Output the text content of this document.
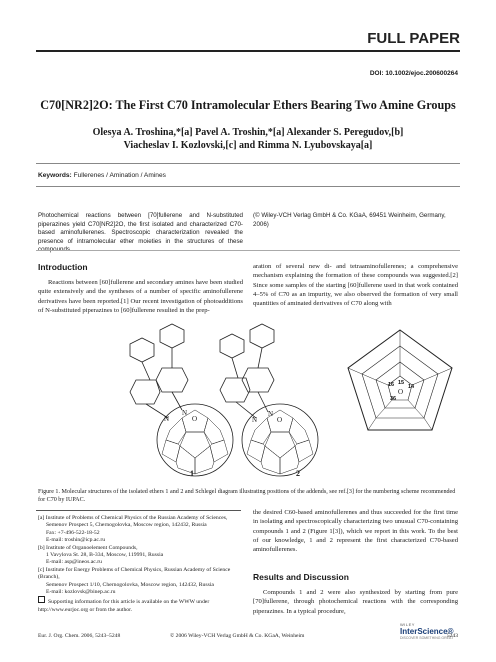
FULL PAPER
DOI: 10.1002/ejoc.200600264
C70[NR2]2O: The First C70 Intramolecular Ethers Bearing Two Amine Groups
Olesya A. Troshina,*[a] Pavel A. Troshin,*[a] Alexander S. Peregudov,[b]
Viacheslav I. Kozlovski,[c] and Rimma N. Lyubovskaya[a]
Keywords: Fullerenes / Amination / Amines
Photochemical reactions between [70]fullerene and N-substituted piperazines yield C70[NR2]2O, the first isolated and characterized C70-based aminofullerenes. Spectroscopic characterization revealed the presence of intramolecular ether moieties in the structures of these
(© Wiley-VCH Verlag GmbH & Co. KGaA, 69451 Weinheim, Germany, 2006)
Introduction
Reactions between [60]fullerene and secondary amines have been studied quite extensively and the syntheses of a number of specific aminofullerene derivatives have been reported.[1] Our recent investigation of photoadditions of N-substituted piperazines to [60]fullerene resulted in the prep-
aration of several new di- and tetraaminofullerenes; a comprehensive mechanism explaining the formation of these compounds was suggested.[2] Since some samples of the starting [60]fullerene used in that work contained 4–5% of C70 as an impurity, we also observed the formation of very small quantities of aminated derivatives of C70 along with
N
N	O
N
N	O
O
16 15
14
36
1	2
Figure 1. Molecular structures of the isolated ethers 1 and 2 and Schlegel diagram illustrating positions of the addends, see ref.[3] for the numbering scheme recommended for C70 by IUPAC.
[a] Institute of Problems of Chemical Physics of the Russian Academy of Sciences,
Semenov Prospect 5, Chernogolovka, Moscow region, 142432, Russia
Fax: +7-496-522-18-52
E-mail: troshin@icp.ac.ru
[b] Institute of Organoelement Compounds,
1 Vavylova St. 28, B-334, Moscow, 119991, Russia
E-mail: asp@ineos.ac.ru
[c] Institute for Energy Problems of Chemical Physics, Russian Academy of Science (Branch),
Semenov Prospect 1/10, Chernogolovka, Moscow region, 142432, Russia
E-mail: kozlovsk@binep.ac.ru
Supporting information for this article is available on the WWW under http://www.eurjoc.org or from the author.
the desired C60-based aminofullerenes and thus succeeded for the first time in isolating and spectroscopically characterizing two unusual C70-containing compounds 1 and 2 (Figure 1[3]), which we report in this work. To the best of our knowledge, 1 and 2 represent the first characterized C70-based aminofullerenes.
Results and Discussion
Compounds 1 and 2 were also synthesized by starting from pure [70]fullerene, through photochemical reactions with the corresponding piperazines. In a typical procedure,
Eur. J. Org. Chem. 2006, 5243–5248	© 2006 Wiley-VCH Verlag GmbH & Co. KGaA, Weinheim
WILEY
InterScience®
DISCOVER SOMETHING GREAT
5243
